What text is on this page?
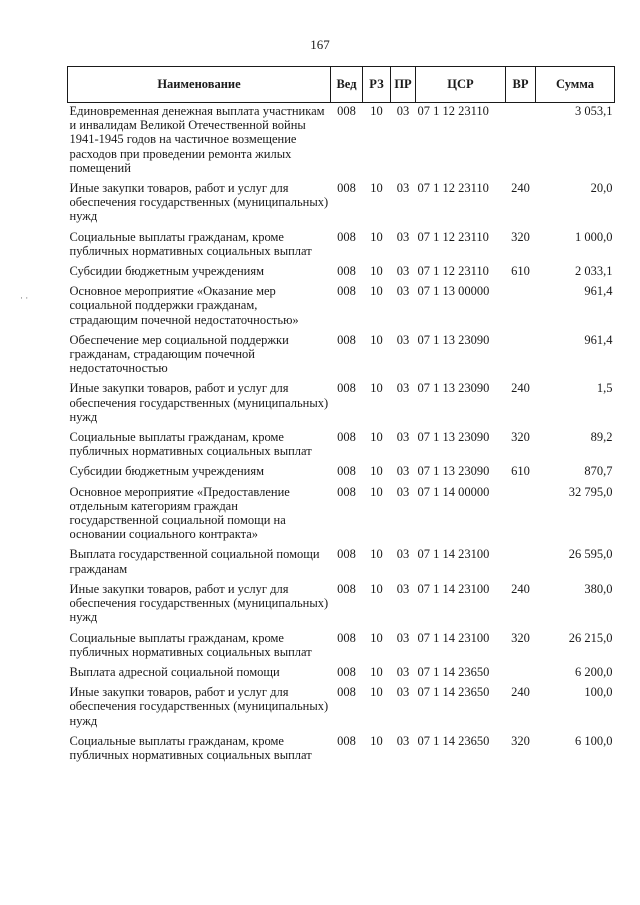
167
· ·
Наименование	Вед	РЗ	ПР	ЦСР	ВР	Сумма
Единовременная денежная выплата участникам и инвалидам Великой Отечественной войны 1941-1945 годов на частичное возмещение расходов при проведении ремонта жилых помещений	008	10	03	07 1 12 23110		3 053,1
Иные закупки товаров, работ и услуг для обеспечения государственных (муниципальных) нужд	008	10	03	07 1 12 23110	240	20,0
Социальные выплаты гражданам, кроме публичных нормативных социальных выплат	008	10	03	07 1 12 23110	320	1 000,0
Субсидии бюджетным учреждениям	008	10	03	07 1 12 23110	610	2 033,1
Основное мероприятие «Оказание мер социальной поддержки гражданам, страдающим почечной недостаточностью»	008	10	03	07 1 13 00000		961,4
Обеспечение мер социальной поддержки гражданам, страдающим почечной недостаточностью	008	10	03	07 1 13 23090		961,4
Иные закупки товаров, работ и услуг для обеспечения государственных (муниципальных) нужд	008	10	03	07 1 13 23090	240	1,5
Социальные выплаты гражданам, кроме публичных нормативных социальных выплат	008	10	03	07 1 13 23090	320	89,2
Субсидии бюджетным учреждениям	008	10	03	07 1 13 23090	610	870,7
Основное мероприятие «Предоставление отдельным категориям граждан государственной социальной помощи на основании социального контракта»	008	10	03	07 1 14 00000		32 795,0
Выплата государственной социальной помощи гражданам	008	10	03	07 1 14 23100		26 595,0
Иные закупки товаров, работ и услуг для обеспечения государственных (муниципальных) нужд	008	10	03	07 1 14 23100	240	380,0
Социальные выплаты гражданам, кроме публичных нормативных социальных выплат	008	10	03	07 1 14 23100	320	26 215,0
Выплата адресной социальной помощи	008	10	03	07 1 14 23650		6 200,0
Иные закупки товаров, работ и услуг для обеспечения государственных (муниципальных) нужд	008	10	03	07 1 14 23650	240	100,0
Социальные выплаты гражданам, кроме публичных нормативных социальных выплат	008	10	03	07 1 14 23650	320	6 100,0
